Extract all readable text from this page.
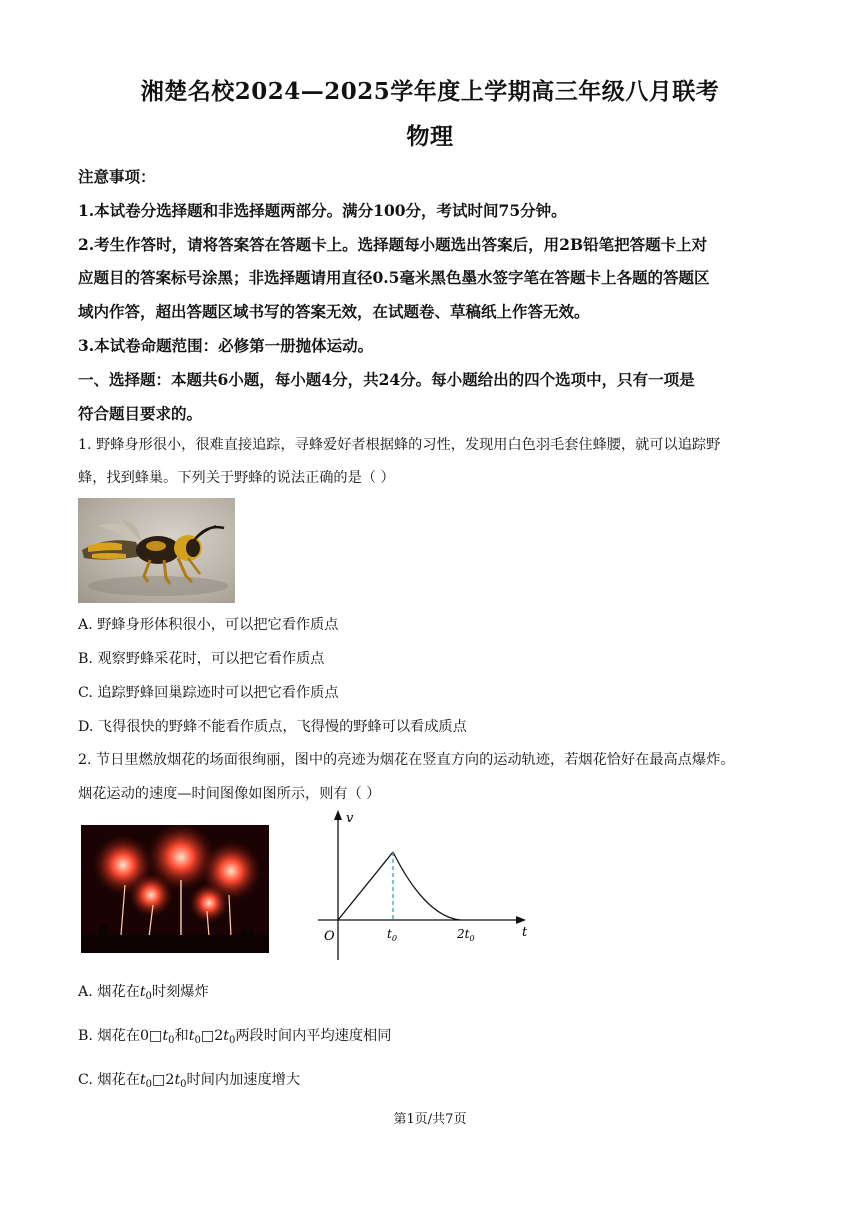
湘楚名校2024—2025学年度上学期高三年级八月联考
物理
注意事项：
1.本试卷分选择题和非选择题两部分。满分100分，考试时间75分钟。
2.考生作答时，请将答案答在答题卡上。选择题每小题选出答案后，用2B铅笔把答题卡上对
应题目的答案标号涂黑；非选择题请用直径0.5毫米黑色墨水签字笔在答题卡上各题的答题区
域内作答，超出答题区域书写的答案无效，在试题卷、草稿纸上作答无效。
3.本试卷命题范围：必修第一册抛体运动。
一、选择题：本题共6小题，每小题4分，共24分。每小题给出的四个选项中，只有一项是
符合题目要求的。
1. 野蜂身形很小，很难直接追踪，寻蜂爱好者根据蜂的习性，发现用白色羽毛套住蜂腰，就可以追踪野
蜂，找到蜂巢。下列关于野蜂的说法正确的是（ ）
A. 野蜂身形体积很小，可以把它看作质点
B. 观察野蜂采花时，可以把它看作质点
C. 追踪野蜂回巢踪迹时可以把它看作质点
D. 飞得很快的野蜂不能看作质点，飞得慢的野蜂可以看成质点
2. 节日里燃放烟花的场面很绚丽，图中的亮迹为烟花在竖直方向的运动轨迹，若烟花恰好在最高点爆炸。
烟花运动的速度—时间图像如图所示，则有（ ）
v
t
O	$t_0$	$2t_0$
A. 烟花在$t_0$时刻爆炸
B. 烟花在$0□t_0$和$t_0□2t_0$两段时间内平均速度相同
C. 烟花在$t_0□2t_0$时间内加速度增大
第1页/共7页
